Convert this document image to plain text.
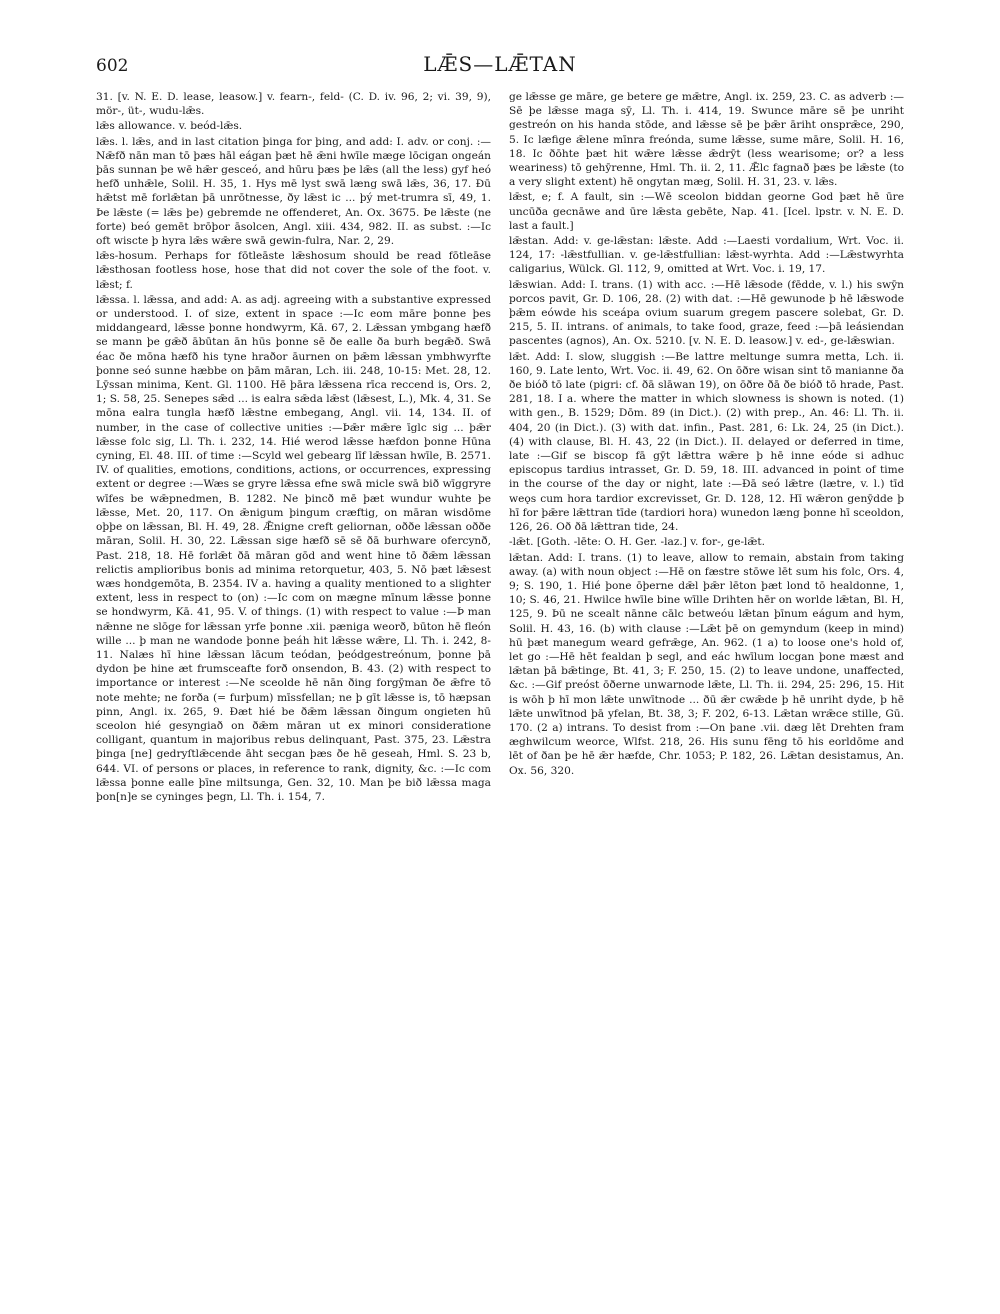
602	LǢS—LǢTAN

31. [v. N. E. D. lease, leasow.] v. fearn-, feld- (C. D. iv. 96, 2; vi. 39, 9), mör-, üt-, wudu-lǣs.

lǣs allowance. v. beód-lǣs.

lǣs. l. lǣs, and in last citation þinga for þing, and add: I. adv. or conj. :—Nǣfð nān man tō þæs hāl eágan þæt hē ǣni hwīle mæge lōcigan ongeán þās sunnan þe wē hǣr gesceó, and hūru þæs þe lǣs (all the less) gyf heó hefð unhǣle, Solil. H. 35, 1. Hys mē lyst swā læng swā lǣs, 36, 17. Đū hǣtst mē forlǣtan þā unrōtnesse, ðy lǣst ic ... þý met-trumra sī, 49, 1. Þe lǣste (= lǣs þe) gebremde ne offenderet, An. Ox. 3675. Þe lǣste (ne forte) beó gemēt brōþor āsolcen, Angl. xiii. 434, 982. II. as subst. :—Ic oft wiscte þ hyra lǣs wǣre swā gewin-fulra, Nar. 2, 29.

lǣs-hosum. Perhaps for fōtleāste lǣshosum should be read fōtleāse lǣsthosan footless hose, hose that did not cover the sole of the foot. v. lǣst; f.

lǣssa. l. lǣssa, and add: A. as adj. agreeing with a substantive expressed or understood. I. of size, extent in space :—Ic eom māre þonne þes middangeard, lǣsse þonne hondwyrm, Kā. 67, 2. Lǣssan ymbgang hæfð se mann þe gǣð ābūtan ān hūs þonne sē ðe ealle ða burh begǣð. Swā éac ðe mōna hæfð his tyne hraðor āurnen on þǣm lǣssan ymbhwyrfte þonne seó sunne hæbbe on þām māran, Lch. iii. 248, 10-15: Met. 28, 12. Lȳssan minima, Kent. Gl. 1100. Hē þāra lǣssena rīca reccend is, Ors. 2, 1; S. 58, 25. Senepes sǣd ... is ealra sǣda lǣst (lǣsest, L.), Mk. 4, 31. Se mōna ealra tungla hæfð lǣstne embegang, Angl. vii. 14, 134. II. of number, in the case of collective unities :—Þǣr mǣre īglc sig ... þǣr lǣsse folc sig, Ll. Th. i. 232, 14. Hié werod lǣsse hæfdon þonne Hūna cyning, El. 48. III. of time :—Scyld wel gebearg līf lǣssan hwīle, B. 2571. IV. of qualities, emotions, conditions, actions, or occurrences, expressing extent or degree :—Wæs se gryre lǣssa efne swā micle swā bið wīggryre wīfes be wǣpnedmen, B. 1282. Ne þincð mē þæt wundur wuhte þe lǣsse, Met. 20, 117. On ǣnigum þingum cræftig, on māran wisdōme oþþe on lǣssan, Bl. H. 49, 28. Ǣnigne creft geliornan, oððe lǣssan oððe māran, Solil. H. 30, 22. Lǣssan sige hæfð sē sē ðā burhware oferсynð, Past. 218, 18. Hē forlǣt ðā māran gōd and went hine tō ðǣm lǣssan relictis amplioribus bonis ad minima retorquetur, 403, 5. Nō þæt lǣsest wæs hondgemōta, B. 2354. IV a. having a quality mentioned to a slighter extent, less in respect to (on) :—Ic com on mægne mīnum lǣsse þonne se hondwyrm, Kā. 41, 95. V. of things. (1) with respect to value :—Þ man nǣnne ne slōge for lǣssan yrfe þonne .xii. pæniga weorð, būton hē fleón wille ... þ man ne wandode þonne þeáh hit lǣsse wǣre, Ll. Th. i. 242, 8-11. Nalæs hī hine lǣssan lācum teódan, þeódgestreónum, þonne þā dydon þe hine æt frumsceafte forð onsendon, B. 43. (2) with respect to importance or interest :—Ne sceolde hē nān ðing forgȳman ðe ǣfre tō note mehte; ne forða (= furþum) mīssfellan; ne þ gīt lǣsse is, tō hæpsan pinn, Angl. ix. 265, 9. Ðæt hié be ðǣm lǣssan ðingum ongieten hū sceolon hié gesyngiað on ðǣm māran ut ex minori consideratione colligant, quantum in majoribus rebus delinquant, Past. 375, 23. Lǣstra þinga [ne] gedryſtlǣcende āht secgan þæs ðe hē geseah, Hml. S. 23 b, 644. VI. of persons or places, in reference to rank, dignity, &c. :—Ic com lǣssa þonne ealle þīne miltsunga, Gen. 32, 10. Man þe bið lǣssa maga þon[n]e se cyninges þegn, Ll. Th. i. 154, 7.

ge lǣsse ge māre, ge betere ge mǣtre, Angl. ix. 259, 23. C. as adverb :—Sē þe lǣsse maga sȳ, Ll. Th. i. 414, 19. Swunce māre sē þe unriht gestreón on his handa stōde, and lǣsse sē þe þǣr āriht onsprǣce, 290, 5. Ic læfige ǣlene mīnra freónda, sume lǣsse, sume māre, Solil. H. 16, 18. Ic ðōhte þæt hit wǣre lǣsse ǣdrȳt (less wearisome; or? a less weariness) tō gehȳrenne, Hml. Th. ii. 2, 11. Ǣlc fagnað þæs þe lǣste (to a very slight extent) hē ongytan mæg, Solil. H. 31, 23. v. lǣs.

lǣst, e; f. A fault, sin :—Wē sceolon biddan georne God þæt hē ūre uncūða gecnāwe and ūre lǣsta gebēte, Nap. 41. [Icel. lpstr. v. N. E. D. last a fault.]

lǣstan. Add: v. ge-lǣstan: lǣste. Add :—Laesti vordalium, Wrt. Voc. ii. 124, 17: -lǣstfullian. v. ge-lǣstfullian: lǣst-wyrhta. Add :—Lǣstwyrhta caligarius, Wülck. Gl. 112, 9, omitted at Wrt. Voc. i. 19, 17.

lǣswian. Add: I. trans. (1) with acc. :—Hē lǣsode (fēdde, v. l.) his swȳn porcos pavit, Gr. D. 106, 28. (2) with dat. :—Hē gewunode þ hē lǣswode þǣm eówde his sceápa ovium suarum gregem pascere solebat, Gr. D. 215, 5. II. intrans. of animals, to take food, graze, feed :—þā leásiendan pascentes (agnos), An. Ox. 5210. [v. N. E. D. leasow.] v. ed-, ge-lǣswian.

lǣt. Add: I. slow, sluggish :—Be lattre meltunge sumra metta, Lch. ii. 160, 9. Late lento, Wrt. Voc. ii. 49, 62. On ōðre wisan sint tō manianne ða ðe bióð tō late (pigri: cf. ðā slāwan 19), on ōðre ðā ðe bióð tō hrade, Past. 281, 18. I a. where the matter in which slowness is shown is noted. (1) with gen., B. 1529; Dōm. 89 (in Dict.). (2) with prep., An. 46: Ll. Th. ii. 404, 20 (in Dict.). (3) with dat. infin., Past. 281, 6: Lk. 24, 25 (in Dict.). (4) with clause, Bl. H. 43, 22 (in Dict.). II. delayed or deferred in time, late :—Gif se biscop fā gȳt lǣttra wǣre þ hē inne eóde si adhuc episcopus tardius intrasset, Gr. D. 59, 18. III. advanced in point of time in the course of the day or night, late :—Ðā seó lǣtre (lætre, v. l.) tīd weǫs cum hora tardior excrevisset, Gr. D. 128, 12. Hī wǣron genȳdde þ hī for þǣre lǣttran tīde (tardiori hora) wunedon læng þonne hī sceoldon, 126, 26. Oð ðā lǣttran tide, 24.

-lǣt. [Goth. -lēte: O. H. Ger. -laz.] v. for-, ge-lǣt.

lǣtan. Add: I. trans. (1) to leave, allow to remain, abstain from taking away. (a) with noun object :—Hē on fæstre stōwe lēt sum his folc, Ors. 4, 9; S. 190, 1. Hié þone ōþerne dǣl þǣr lēton þæt lond tō healdonne, 1, 10; S. 46, 21. Hwilce hwīle bine wīlle Drihten hēr on worlde lǣtan, Bl. H, 125, 9. Þū ne scealt nānne cālc betweóu lǣtan þīnum eágum and hym, Solil. H. 43, 16. (b) with clause :—Lǣt þē on gemyndum (keep in mind) hū þæt manegum weard gefrǣge, An. 962. (1 a) to loose one's hold of, let go :—Hē hēt fealdan þ segl, and eác hwīlum locgan þone mæst and lǣtan þā bǣtinge, Bt. 41, 3; F. 250, 15. (2) to leave undone, unaffected, &c. :—Gif preóst ōðerne unwarnode lǣte, Ll. Th. ii. 294, 25: 296, 15. Hit is wōh þ hī mon lǣte unwītnode ... ðū ǣr cwǣde þ hē unriht dyde, þ hē lǣte unwītnod þā yfelan, Bt. 38, 3; F. 202, 6-13. Lǣtan wrǣce stille, Gū. 170. (2 a) intrans. To desist from :—On þane .vii. dæg lēt Drehten fram æghwilcum weorce, Wlfst. 218, 26. His sunu fēng tō his eorldōme and lēt of ðan þe hē ǣr hæfde, Chr. 1053; P. 182, 26. Lǣtan desistamus, An. Ox. 56, 320.
